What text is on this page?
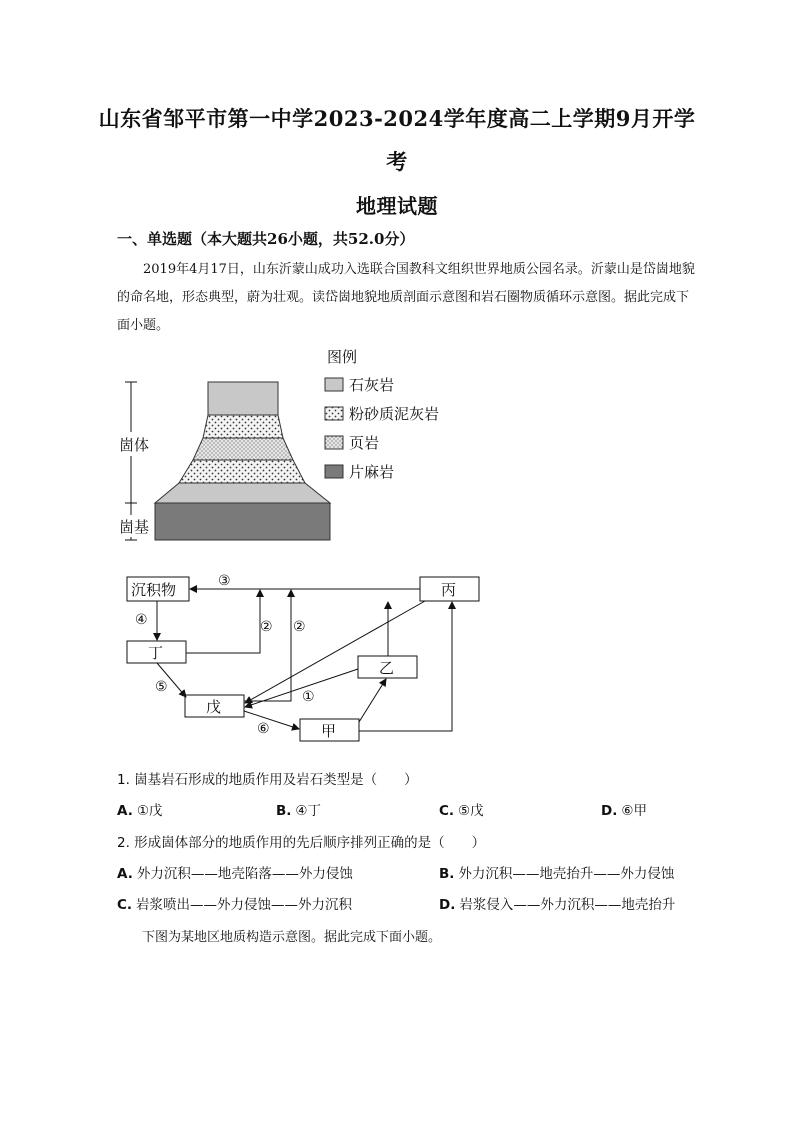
山东省邹平市第一中学2023-2024学年度高二上学期9月开学
考
地理试题
一、单选题（本大题共26小题，共52.0分）
2019年4月17日，山东沂蒙山成功入选联合国教科文组织世界地质公园名录。沂蒙山是岱崮地貌的命名地，形态典型，蔚为壮观。读岱崮地貌地质剖面示意图和岩石圈物质循环示意图。据此完成下面小题。
崮体
崮基
图例
石灰岩
粉砂质泥灰岩
页岩
片麻岩
沉积物	丙
丁
乙
戊
甲
③
④	② ②
⑤
①
⑥
1. 崮基岩石形成的地质作用及岩石类型是（　　）
A. ①戊	B. ④丁	C. ⑤戊	D. ⑥甲
2. 形成崮体部分的地质作用的先后顺序排列正确的是（　　）
A. 外力沉积——地壳陷落——外力侵蚀	B. 外力沉积——地壳抬升——外力侵蚀
C. 岩浆喷出——外力侵蚀——外力沉积	D. 岩浆侵入——外力沉积——地壳抬升
下图为某地区地质构造示意图。据此完成下面小题。
